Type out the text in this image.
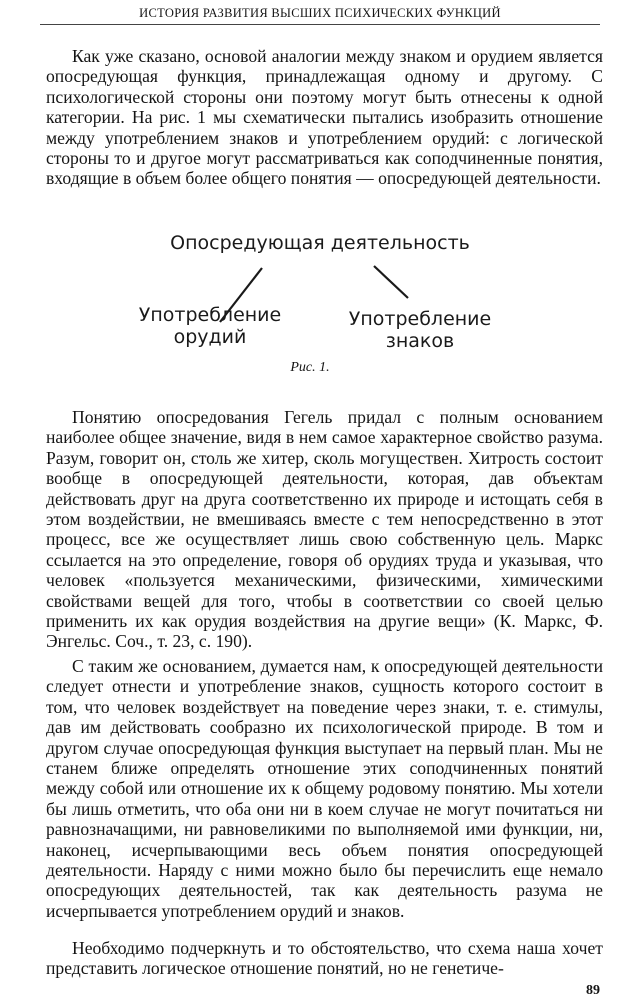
ИСТОРИЯ РАЗВИТИЯ ВЫСШИХ ПСИХИЧЕСКИХ ФУНКЦИЙ

Как уже сказано, основой аналогии между знаком и орудием является опосредующая функция, принадлежащая одному и другому. С психологической стороны они поэтому могут быть отнесены к одной категории. На рис. 1 мы схематически пытались изобразить отношение между употреблением знаков и употреблением орудий: с логической стороны то и другое могут рассматриваться как соподчиненные понятия, входящие в объем более общего понятия — опосредующей деятельности.

Опосредующая деятельность
Употребление орудий
Употребление знаков
Рис. 1.

Понятию опосредования Гегель придал с полным основанием наиболее общее значение, видя в нем самое характерное свойство разума. Разум, говорит он, столь же хитер, сколь могуществен. Хитрость состоит вообще в опосредующей деятельности, которая, дав объектам действовать друг на друга соответственно их природе и истощать себя в этом воздействии, не вмешиваясь вместе с тем непосредственно в этот процесс, все же осуществляет лишь свою собственную цель. Маркс ссылается на это определение, говоря об орудиях труда и указывая, что человек «пользуется механическими, физическими, химическими свойствами вещей для того, чтобы в соответствии со своей целью применить их как орудия воздействия на другие вещи» (К. Маркс, Ф. Энгельс. Соч., т. 23, с. 190).

С таким же основанием, думается нам, к опосредующей деятельности следует отнести и употребление знаков, сущность которого состоит в том, что человек воздействует на поведение через знаки, т. е. стимулы, дав им действовать сообразно их психологической природе. В том и другом случае опосредующая функция выступает на первый план. Мы не станем ближе определять отношение этих соподчиненных понятий между собой или отношение их к общему родовому понятию. Мы хотели бы лишь отметить, что оба они ни в коем случае не могут почитаться ни равнозначащими, ни равновеликими по выполняемой ими функции, ни, наконец, исчерпывающими весь объем понятия опосредующей деятельности. Наряду с ними можно было бы перечислить еще немало опосредующих деятельностей, так как деятельность разума не исчерпывается употреблением орудий и знаков.

Необходимо подчеркнуть и то обстоятельство, что схема наша хочет представить логическое отношение понятий, но не генетиче-

89
